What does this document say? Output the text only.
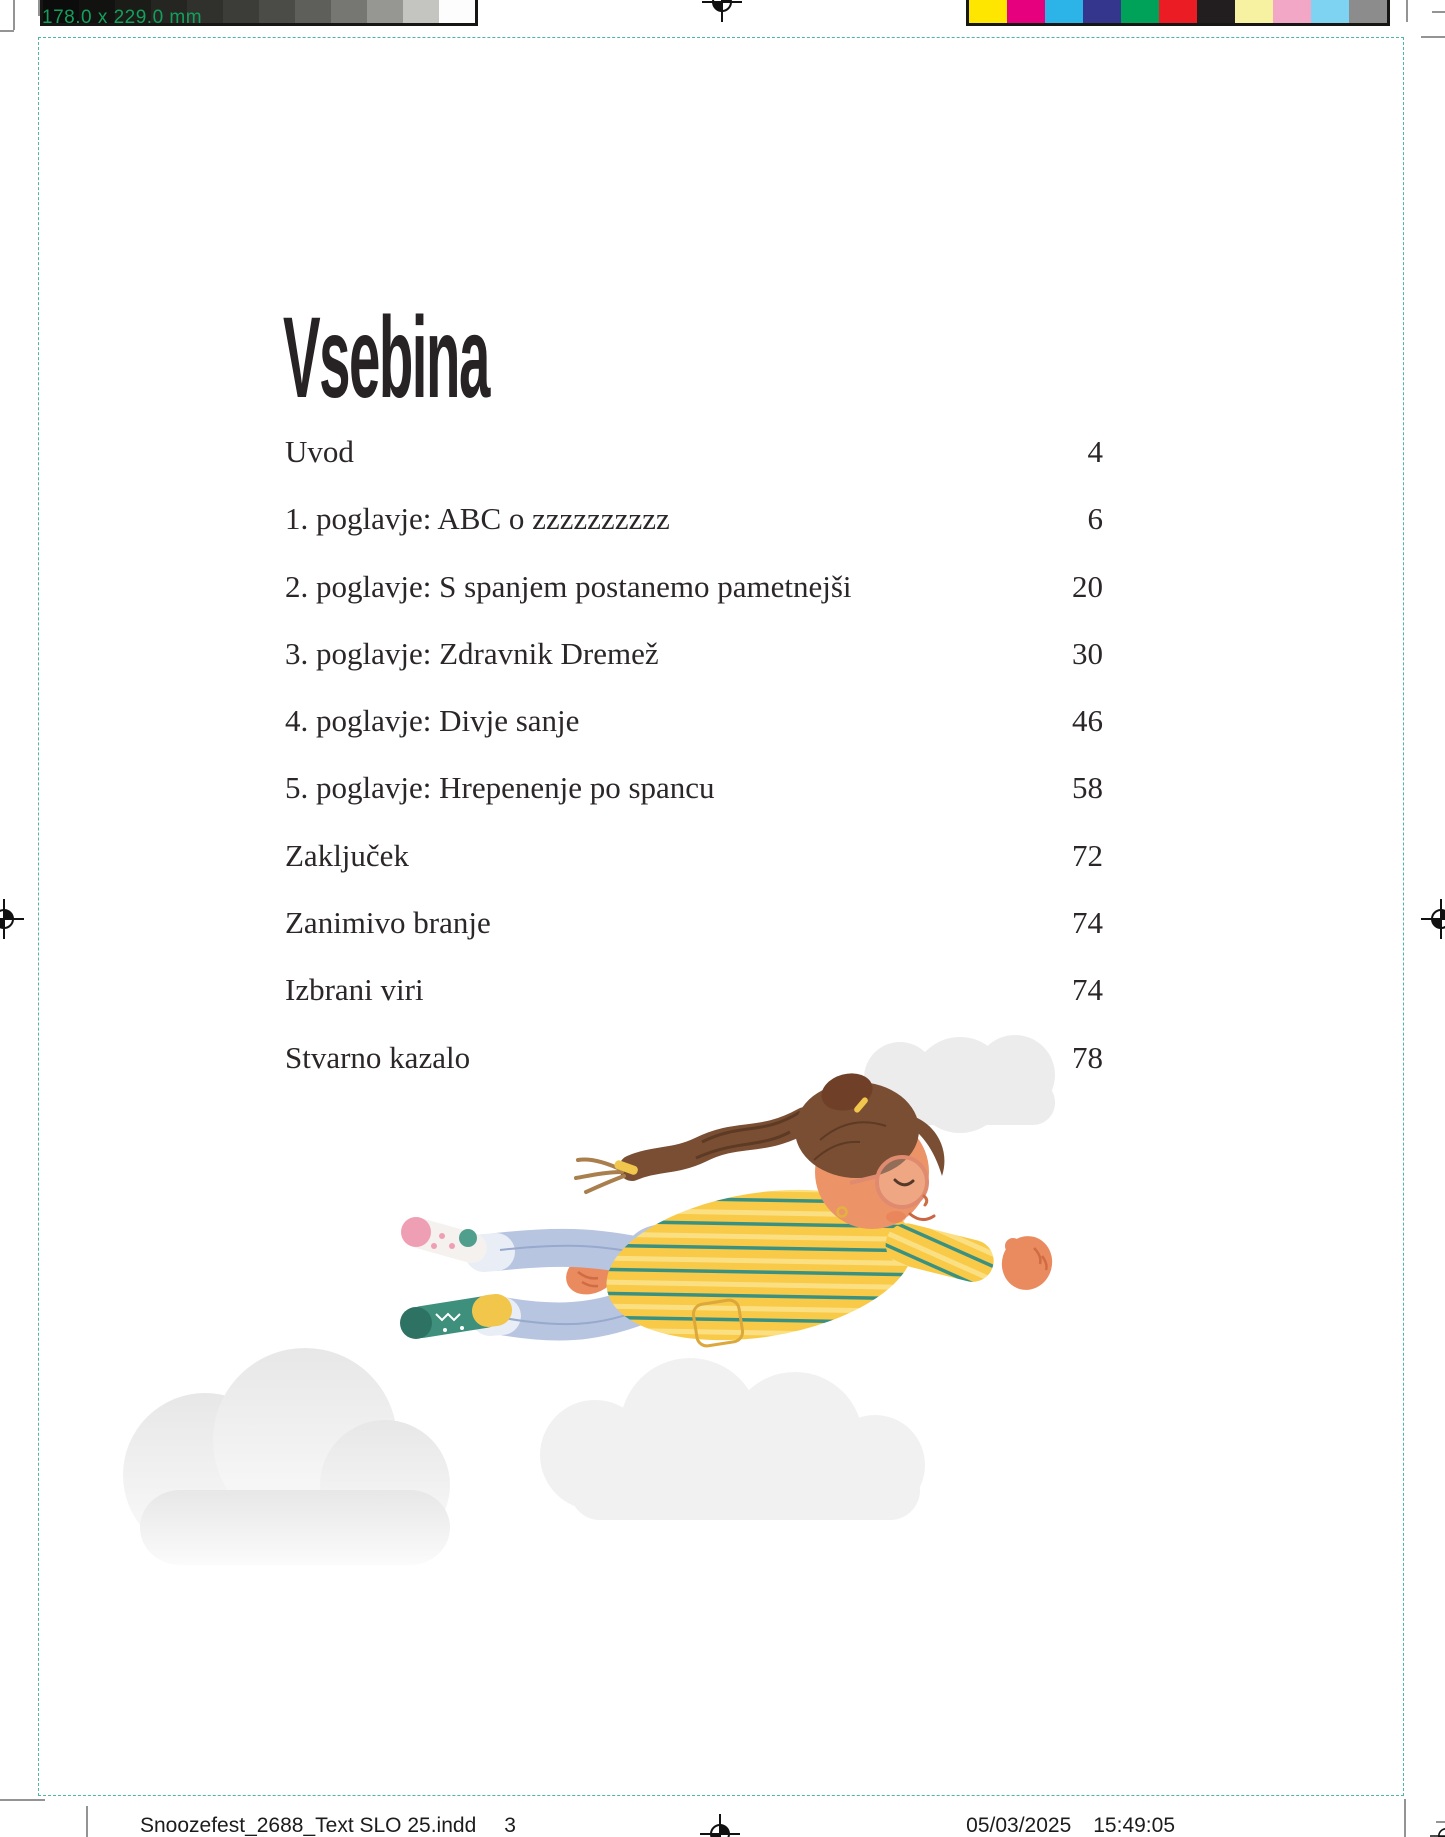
178.0 x 229.0 mm
Vsebina
Uvod	4
1. poglavje: ABC o zzzzzzzzzz	6
2. poglavje: S spanjem postanemo pametnejši	20
3. poglavje: Zdravnik Dremež	30
4. poglavje: Divje sanje	46
5. poglavje: Hrepenenje po spancu	58
Zaključek	72
Zanimivo branje	74
Izbrani viri	74
Stvarno kazalo	78
Snoozefest_2688_Text SLO 25.indd 3	05/03/2025 15:49:05
